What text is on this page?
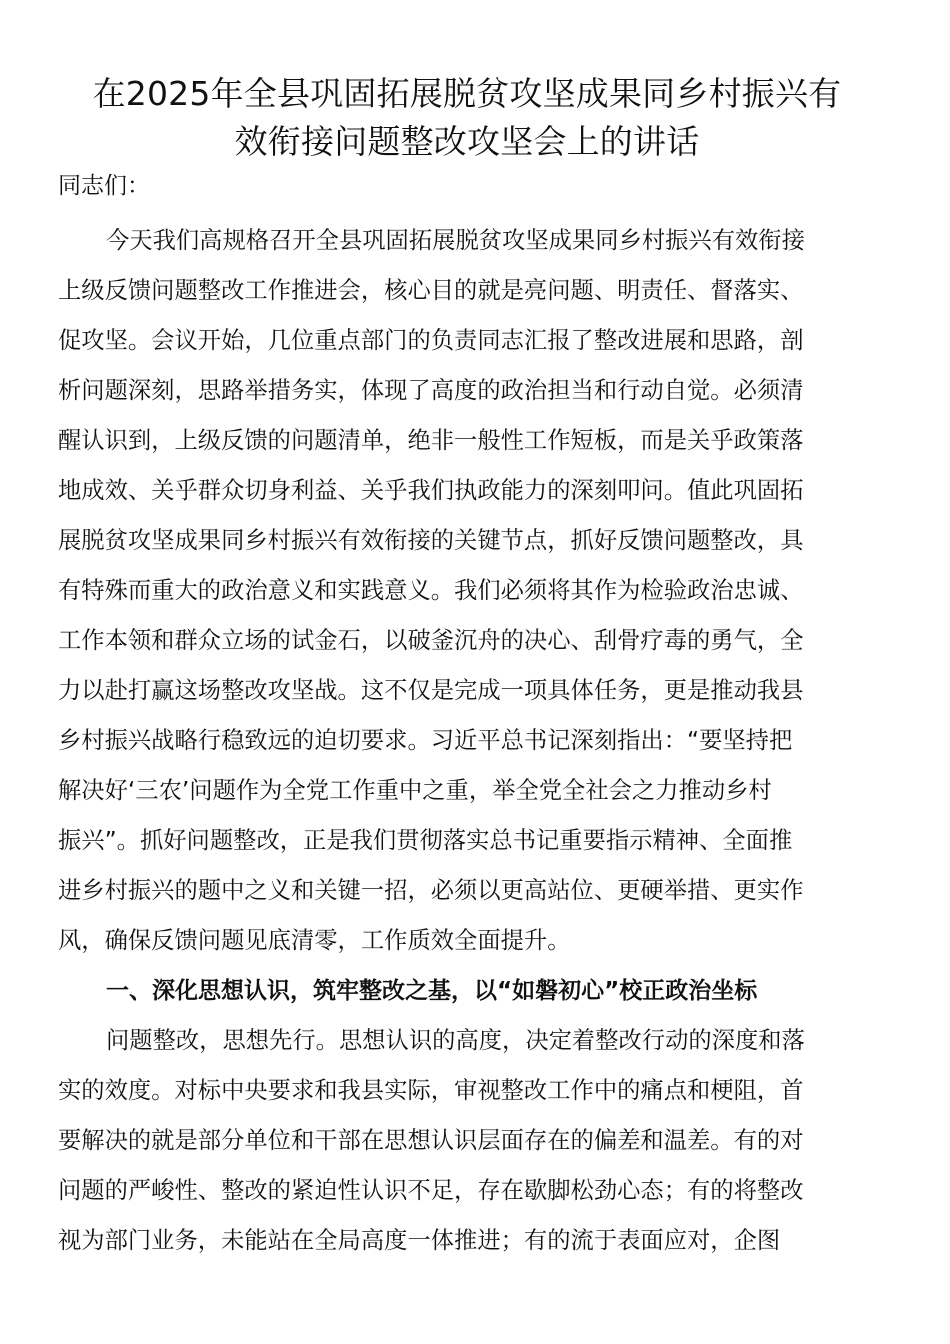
在2025年全县巩固拓展脱贫攻坚成果同乡村振兴有
效衔接问题整改攻坚会上的讲话

同志们：

今天我们高规格召开全县巩固拓展脱贫攻坚成果同乡村振兴有效衔接
上级反馈问题整改工作推进会，核心目的就是亮问题、明责任、督落实、
促攻坚。会议开始，几位重点部门的负责同志汇报了整改进展和思路，剖
析问题深刻，思路举措务实，体现了高度的政治担当和行动自觉。必须清
醒认识到，上级反馈的问题清单，绝非一般性工作短板，而是关乎政策落
地成效、关乎群众切身利益、关乎我们执政能力的深刻叩问。值此巩固拓
展脱贫攻坚成果同乡村振兴有效衔接的关键节点，抓好反馈问题整改，具
有特殊而重大的政治意义和实践意义。我们必须将其作为检验政治忠诚、
工作本领和群众立场的试金石，以破釜沉舟的决心、刮骨疗毒的勇气，全
力以赴打赢这场整改攻坚战。这不仅是完成一项具体任务，更是推动我县
乡村振兴战略行稳致远的迫切要求。习近平总书记深刻指出：“要坚持把
解决好‘三农’问题作为全党工作重中之重，举全党全社会之力推动乡村
振兴”。抓好问题整改，正是我们贯彻落实总书记重要指示精神、全面推
进乡村振兴的题中之义和关键一招，必须以更高站位、更硬举措、更实作
风，确保反馈问题见底清零，工作质效全面提升。

一、深化思想认识，筑牢整改之基，以“如磐初心”校正政治坐标

问题整改，思想先行。思想认识的高度，决定着整改行动的深度和落
实的效度。对标中央要求和我县实际，审视整改工作中的痛点和梗阻，首
要解决的就是部分单位和干部在思想认识层面存在的偏差和温差。有的对
问题的严峻性、整改的紧迫性认识不足，存在歇脚松劲心态；有的将整改
视为部门业务，未能站在全局高度一体推进；有的流于表面应对，企图
